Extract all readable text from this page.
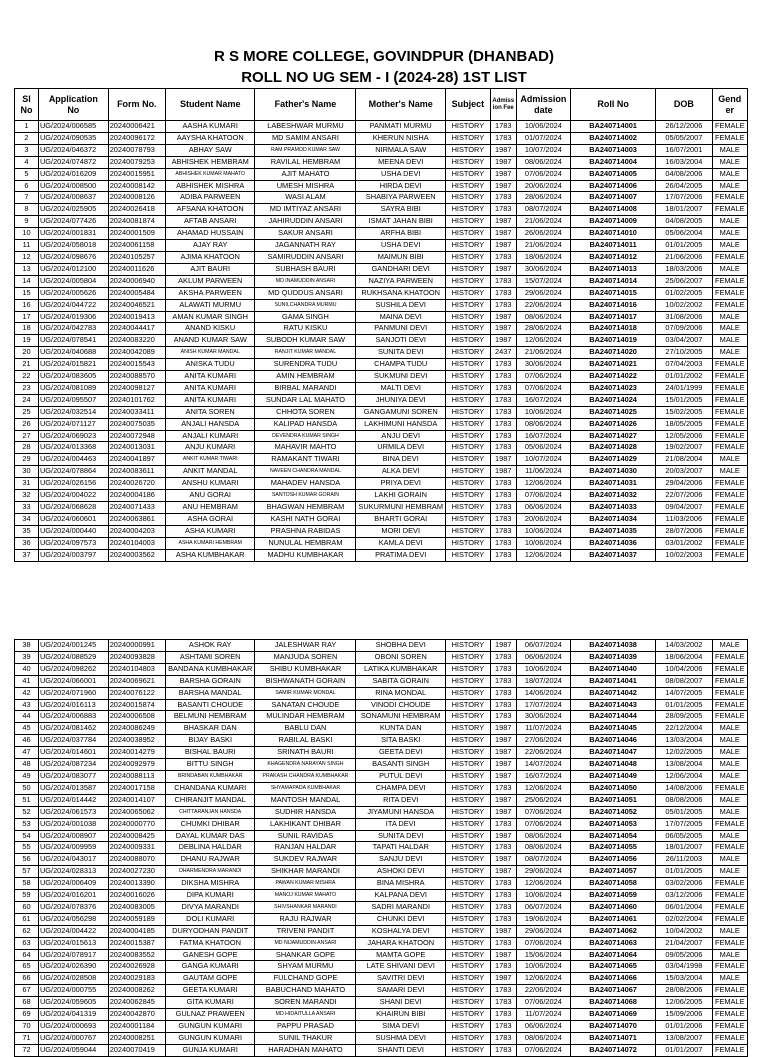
R S MORE COLLEGE, GOVINDPUR (DHANBAD)
ROLL NO UG SEM - I (2024-28) 1ST LIST
Sl
No	Application
No	Form No.	Student Name	Father's Name	Mother's Name	Subject	Admiss
ion Fee	Admission
date	Roll No	DOB	Gend
er
1	UG/2024/006585	20240006421	AASHA KUMARI	LABESHWAR MURMU	PANMATI MURMU	HISTORY	1783	10/06/2024	BA240714001	26/12/2006	FEMALE
2	UG/2024/090535	20240096172	AAYSHA KHATOON	MD SAMIM ANSARI	KHERUN NISHA	HISTORY	1783	01/07/2024	BA240714002	05/05/2007	FEMALE
3	UG/2024/046372	20240078793	ABHAY SAW	RAM PRAMOD KUMAR SAW	NIRMALA SAW	HISTORY	1987	10/07/2024	BA240714003	16/07/2001	MALE
4	UG/2024/074872	20240079253	ABHISHEK HEMBRAM	RAVILAL HEMBRAM	MEENA DEVI	HISTORY	1987	08/06/2024	BA240714004	16/03/2004	MALE
5	UG/2024/016209	20240015951	ABHISHEK KUMAR MAHATO	AJIT MAHATO	USHA DEVI	HISTORY	1987	07/06/2024	BA240714005	04/08/2006	MALE
6	UG/2024/008500	20240008142	ABHISHEK MISHRA	UMESH MISHRA	HIRDA DEVI	HISTORY	1987	20/06/2024	BA240714006	26/04/2005	MALE
7	UG/2024/008637	20240008126	ADIBA PARWEEN	WASI ALAM	SHABIYA PARWEEN	HISTORY	1783	28/06/2024	BA240714007	17/07/2006	FEMALE
8	UG/2024/025905	20240026418	AFSANA KHATOON	MD IMTIYAZ ANSARI	SAYRA BIBI	HISTORY	1783	08/07/2024	BA240714008	18/01/2007	FEMALE
9	UG/2024/077426	20240081874	AFTAB ANSARI	JAHIRUDDIN ANSARI	ISMAT JAHAN BIBI	HISTORY	1987	21/06/2024	BA240714009	04/08/2005	MALE
10	UG/2024/001831	20240001509	AHAMAD HUSSAIN	SAKUR ANSARI	ARFHA BIBI	HISTORY	1987	26/06/2024	BA240714010	05/06/2004	MALE
11	UG/2024/058018	20240061158	AJAY RAY	JAGANNATH RAY	USHA DEVI	HISTORY	1987	21/06/2024	BA240714011	01/01/2005	MALE
12	UG/2024/098676	20240105257	AJIMA KHATOON	SAMIRUDDIN ANSARI	MAIMUN BIBI	HISTORY	1783	18/06/2024	BA240714012	21/06/2006	FEMALE
13	UG/2024/012100	20240011626	AJIT BAURI	SUBHASH BAURI	GANDHARI DEVI	HISTORY	1987	30/06/2024	BA240714013	18/03/2006	MALE
14	UG/2024/005804	20240006940	AKLUM PARWEEN	MD INAMUDDIN ANSARI	NAZIYA PARWEEN	HISTORY	1783	15/07/2024	BA240714014	25/06/2007	FEMALE
15	UG/2024/005626	20240005484	AKSHA PARWEEN	MD QUDDUS ANSARI	RUKHSANA KHATOON	HISTORY	1783	29/06/2024	BA240714015	01/02/2005	FEMALE
16	UG/2024/044722	20240046521	ALAWATI MURMU	SUNILCHANDRA MURMU	SUSHILA DEVI	HISTORY	1783	22/06/2024	BA240714016	10/02/2002	FEMALE
17	UG/2024/019306	20240019413	AMAN KUMAR SINGH	GAMA SINGH	MAINA DEVI	HISTORY	1987	08/06/2024	BA240714017	31/08/2006	MALE
18	UG/2024/042783	20240044417	ANAND KISKU	RATU KISKU	PANMUNI DEVI	HISTORY	1987	28/06/2024	BA240714018	07/09/2006	MALE
19	UG/2024/078541	20240083220	ANAND KUMAR SAW	SUBODH KUMAR SAW	SANJOTI DEVI	HISTORY	1987	12/06/2024	BA240714019	03/04/2007	MALE
20	UG/2024/040688	20240042089	ANISH KUMAR MANDAL	RANJIT KUMAR MANDAL	SUNITA DEVI	HISTORY	2437	21/06/2024	BA240714020	27/10/2005	MALE
21	UG/2024/015821	20240015543	ANISKA TUDU	SURENDRA TUDU	CHAMPA TUDU	HISTORY	1783	30/06/2024	BA240714021	07/04/2003	FEMALE
22	UG/2024/083605	20240088570	ANITA KUMARI	AMIN HEMBRAM	SUKMUNI DEVI	HISTORY	1783	07/06/2024	BA240714022	01/01/2002	FEMALE
23	UG/2024/081089	20240098127	ANITA KUMARI	BIRBAL MARANDI	MALTI DEVI	HISTORY	1783	07/06/2024	BA240714023	24/01/1999	FEMALE
24	UG/2024/095507	20240101762	ANITA KUMARI	SUNDAR LAL MAHATO	JHUNIYA DEVI	HISTORY	1783	16/07/2024	BA240714024	15/01/2005	FEMALE
25	UG/2024/032514	20240033411	ANITA SOREN	CHHOTA SOREN	GANGAMUNI SOREN	HISTORY	1783	10/06/2024	BA240714025	15/02/2005	FEMALE
26	UG/2024/071127	20240075035	ANJALI HANSDA	KALIPAD HANSDA	LAKHIMUNI HANSDA	HISTORY	1783	08/06/2024	BA240714026	18/05/2005	FEMALE
27	UG/2024/069023	20240072948	ANJALI KUMARI	DEVENDRA KUMAR SINGH	ANJU DEVI	HISTORY	1783	16/07/2024	BA240714027	12/05/2006	FEMALE
28	UG/2024/013368	20240013031	ANJU KUMARI	MAHAVIR MAHTO	URMILA DEVI	HISTORY	1783	05/06/2024	BA240714028	19/02/2007	FEMALE
29	UG/2024/004463	20240041897	ANKIT KUMAR TIWARI	RAMAKANT TIWARI	BINA DEVI	HISTORY	1987	10/07/2024	BA240714029	21/08/2004	MALE
30	UG/2024/078864	20240083611	ANKIT MANDAL	NAVEEN CHANDRA MANDAL	ALKA DEVI	HISTORY	1987	11/06/2024	BA240714030	20/03/2007	MALE
31	UG/2024/026156	20240026720	ANSHU KUMARI	MAHADEV HANSDA	PRIYA DEVI	HISTORY	1783	12/06/2024	BA240714031	29/04/2006	FEMALE
32	UG/2024/004022	20240004186	ANU GORAI	SANTOSH KUMAR GORAIN	LAKHI GORAIN	HISTORY	1783	07/06/2024	BA240714032	22/07/2006	FEMALE
33	UG/2024/068628	20240071433	ANU HEMBRAM	BHAGWAN HEMBRAM	SUKURMUNI HEMBRAM	HISTORY	1783	06/06/2024	BA240714033	09/04/2007	FEMALE
34	UG/2024/060601	20240063861	ASHA GORAI	KASHI NATH GORAI	BHARTI GORAI	HISTORY	1783	20/06/2024	BA240714034	11/03/2006	FEMALE
35	UG/2024/000440	20240004203	ASHA KUMARI	PRASHNA RABIDAS	MORI DEVI	HISTORY	1783	10/06/2024	BA240714035	28/07/2006	FEMALE
36	UG/2024/097573	20240104003	ASHA KUMARI HEMBRAM	NUNULAL HEMBRAM	KAMLA DEVI	HISTORY	1783	10/06/2024	BA240714036	03/01/2002	FEMALE
37	UG/2024/003797	20240003562	ASHA KUMBHAKAR	MADHU KUMBHAKAR	PRATIMA DEVI	HISTORY	1783	12/06/2024	BA240714037	10/02/2003	FEMALE
38	UG/2024/001245	20240000991	ASHOK RAY	JALESHWAR RAY	SHOBHA DEVI	HISTORY	1987	06/07/2024	BA240714038	14/03/2002	MALE
39	UG/2024/088529	20240093828	ASHTAMI SOREN	MANJUDA SOREN	OBONI SOREN	HISTORY	1783	06/06/2024	BA240714039	18/06/2004	FEMALE
40	UG/2024/098262	20240104803	BANDANA KUMBHAKAR	SHIBU KUMBHAKAR	LATIKA KUMBHAKAR	HISTORY	1783	10/06/2024	BA240714040	10/04/2006	FEMALE
41	UG/2024/066001	20240069621	BARSHA GORAIN	BISHWANATH GORAIN	SABITA GORAIN	HISTORY	1783	18/07/2024	BA240714041	08/08/2007	FEMALE
42	UG/2024/071960	20240076122	BARSHA MANDAL	SAMIR KUMAR MONDAL	RINA MONDAL	HISTORY	1783	14/06/2024	BA240714042	14/07/2005	FEMALE
43	UG/2024/016113	20240015874	BASANTI CHOUDE	SANATAN CHOUDE	VINODI CHOUDE	HISTORY	1783	17/07/2024	BA240714043	01/01/2005	FEMALE
44	UG/2024/006883	20240006508	BELMUNI HEMBRAM	MULINDAR HEMBRAM	SONAMUNI HEMBRAM	HISTORY	1783	30/06/2024	BA240714044	28/09/2005	FEMALE
45	UG/2024/081462	20240086249	BHASKAR DAN	BABLU DAN	KUNTA DAN	HISTORY	1987	11/07/2024	BA240714045	22/12/2004	MALE
46	UG/2024/037784	20240038952	BIJAY BASKI	RABILAL BASKI	SITA BASKI	HISTORY	1987	27/06/2024	BA240714046	13/03/2004	MALE
47	UG/2024/014601	20240014279	BISHAL BAURI	SRINATH BAURI	GEETA DEVI	HISTORY	1987	22/06/2024	BA240714047	12/02/2005	MALE
48	UG/2024/087234	20240092979	BITTU SINGH	KHAGENDRA NARAYAN SINGH	BASANTI SINGH	HISTORY	1987	14/07/2024	BA240714048	13/08/2004	MALE
49	UG/2024/083077	20240088113	BRINDABAN KUMBHAKAR	PRAKASH CHANDRA KUMBHAKAR	PUTUL DEVI	HISTORY	1987	16/07/2024	BA240714049	12/06/2004	MALE
50	UG/2024/013587	20240017158	CHANDANA KUMARI	SHYAMAPADA KUMBHAKAR	CHAMPA DEVI	HISTORY	1783	12/06/2024	BA240714050	14/08/2006	FEMALE
51	UG/2024/014442	20240014107	CHIRANJIT MANDAL	MANTOSH MANDAL	RITA DEVI	HISTORY	1987	25/06/2024	BA240714051	08/08/2006	MALE
52	UG/2024/061573	20240065062	CHITTARANJAN HANSDA	SUDHIR HANSDA	JIYAMUNI HANSDA	HISTORY	1987	07/06/2024	BA240714052	05/01/2005	MALE
53	UG/2024/001038	20240000770	CHUMKI DHIBAR	LAKHIKANT DHIBAR	ITA DEVI	HISTORY	1783	07/06/2024	BA240714053	17/07/2005	FEMALE
54	UG/2024/008907	20240008425	DAYAL KUMAR DAS	SUNIL RAVIDAS	SUNITA DEVI	HISTORY	1987	08/06/2024	BA240714054	06/05/2005	MALE
55	UG/2024/009959	20240009331	DEBLINA HALDAR	RANJAN HALDAR	TAPATI HALDAR	HISTORY	1783	08/06/2024	BA240714055	18/01/2007	FEMALE
56	UG/2024/043017	20240088070	DHANU RAJWAR	SUKDEV RAJWAR	SANJU DEVI	HISTORY	1987	08/07/2024	BA240714056	26/11/2003	MALE
57	UG/2024/028313	20240027230	DHARMENDRA MARANDI	SHIKHAR MARANDI	ASHOKI DEVI	HISTORY	1987	29/06/2024	BA240714057	01/01/2005	MALE
58	UG/2024/006409	20240013390	DIKSHA MISHRA	PAWAN KUMAR MISHRA	BINA MISHRA	HISTORY	1783	12/06/2024	BA240714058	03/02/2006	FEMALE
59	UG/2024/016201	20240016026	DIPA KUMARI	MANOJ KUMAR MAHATO	KALPANA DEVI	HISTORY	1783	10/06/2024	BA240714059	03/12/2006	FEMALE
60	UG/2024/078376	20240083005	DIVYA MARANDI	SHIVSHANKAR MARANDI	SADRI MARANDI	HISTORY	1783	06/07/2024	BA240714060	06/01/2004	FEMALE
61	UG/2024/056298	20240059189	DOLI KUMARI	RAJU RAJWAR	CHUNKI DEVI	HISTORY	1783	19/06/2024	BA240714061	02/02/2004	FEMALE
62	UG/2024/004422	20240004185	DURYODHAN PANDIT	TRIVENI PANDIT	KOSHALYA DEVI	HISTORY	1987	29/06/2024	BA240714062	10/04/2002	MALE
63	UG/2024/015613	20240015387	FATMA KHATOON	MD NIJAMUDDIN ANSARI	JAHARA KHATOON	HISTORY	1783	07/06/2024	BA240714063	21/04/2007	FEMALE
64	UG/2024/078917	20240083552	GANESH GOPE	SHANKAR GOPE	MAMTA GOPE	HISTORY	1987	15/06/2024	BA240714064	09/05/2006	MALE
65	UG/2024/026390	20240026928	GANGA KUMARI	SHYAM MURMU	LATE SHIVANI DEVI	HISTORY	1783	10/06/2024	BA240714065	03/04/1998	FEMALE
66	UG/2024/028508	20240029183	GAUTAM GOPE	FULCHAND GOPE	SAVITRI DEVI	HISTORY	1987	12/06/2024	BA240714066	15/03/2004	MALE
67	UG/2024/000755	20240008262	GEETA KUMARI	BABUCHAND MAHATO	SAMARI DEVI	HISTORY	1783	22/06/2024	BA240714067	28/08/2006	FEMALE
68	UG/2024/059605	20240062845	GITA KUMARI	SOREN MARANDI	SHANI DEVI	HISTORY	1783	07/06/2024	BA240714068	12/06/2005	FEMALE
69	UG/2024/041319	20240042870	GULNAZ PRAWEEN	MD HIDAITULLA ANSARI	KHAIRUN BIBI	HISTORY	1783	11/07/2024	BA240714069	15/09/2006	FEMALE
70	UG/2024/000693	20240001184	GUNGUN KUMARI	PAPPU PRASAD	SIMA DEVI	HISTORY	1783	06/06/2024	BA240714070	01/01/2006	FEMALE
71	UG/2024/000767	20240008251	GUNGUN KUMARI	SUNIL THAKUR	SUSHMA DEVI	HISTORY	1783	08/06/2024	BA240714071	13/08/2007	FEMALE
72	UG/2024/059044	20240070419	GUNJA KUMARI	HARADHAN MAHATO	SHANTI DEVI	HISTORY	1783	07/06/2024	BA240714072	01/01/2007	FEMALE
